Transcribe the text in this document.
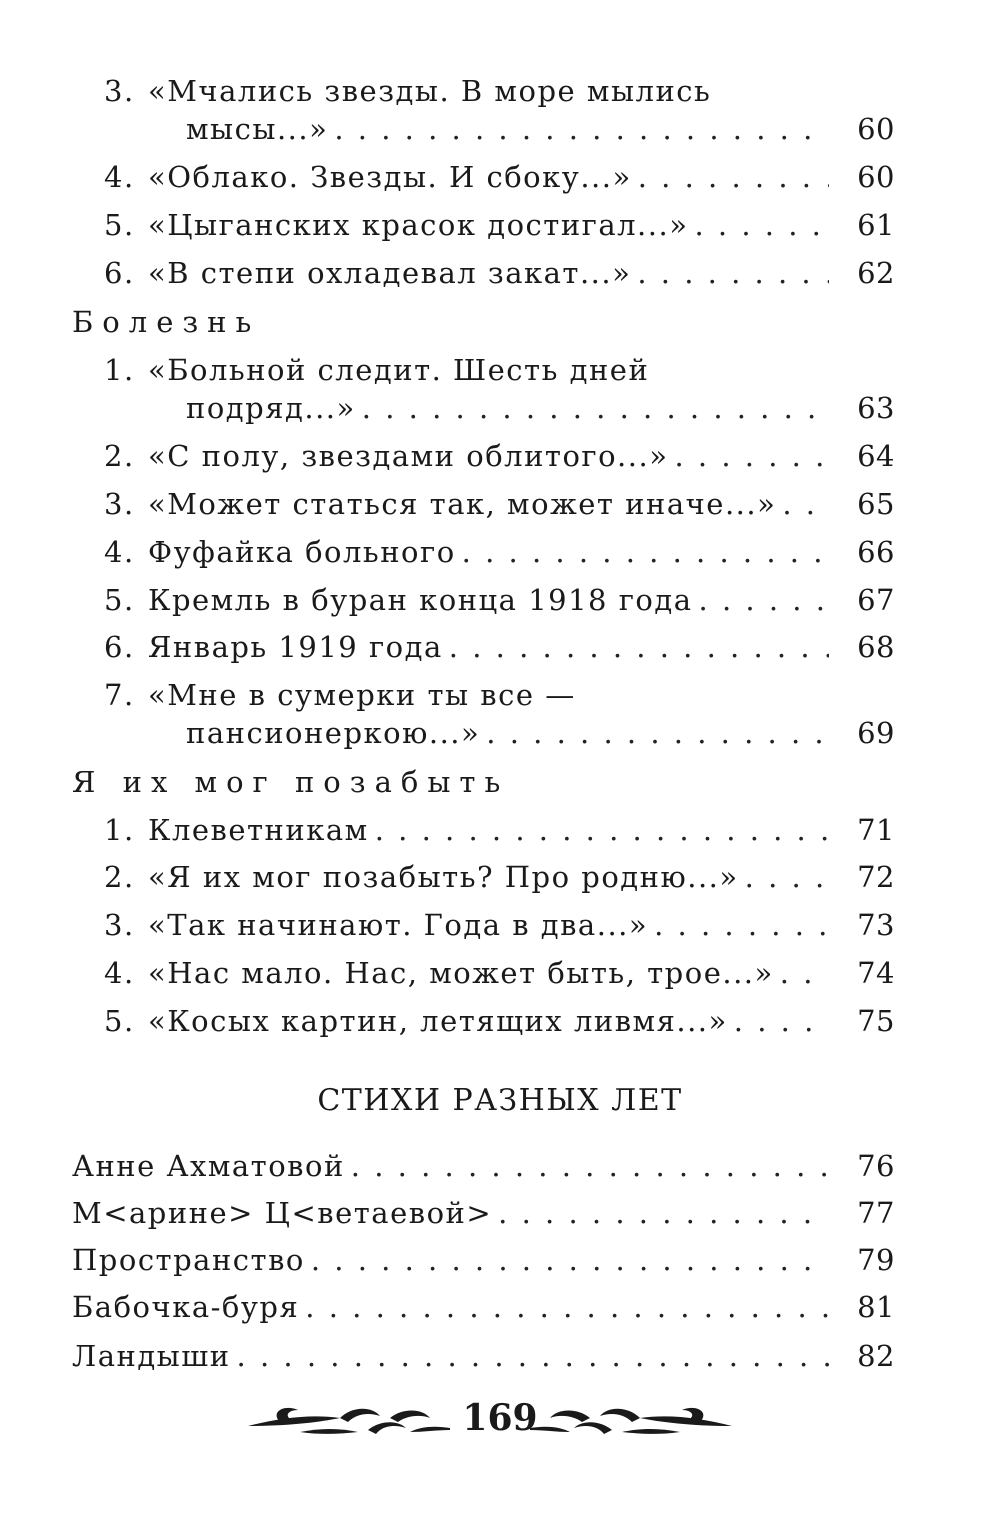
3. «Мчались звезды. В море мылись
мысы...» . . .	60
4. «Облако. Звезды. И сбоку...» . . .	60
5. «Цыганских красок достигал...» . . .	61
6. «В степи охладевал закат...» . . .	62
Болезнь
1. «Больной следит. Шесть дней
подряд...» . . .	63
2. «С полу, звездами облитого...» . . .	64
3. «Может статься так, может иначе...» . . .	65
4. Фуфайка больного . . .	66
5. Кремль в буран конца 1918 года . . .	67
6. Январь 1919 года . . .	68
7. «Мне в сумерки ты все —
пансионеркою...» . . .	69
Я их мог позабыть
1. Клеветникам . . .	71
2. «Я их мог позабыть? Про родню...» . . .	72
3. «Так начинают. Года в два...» . . .	73
4. «Нас мало. Нас, может быть, трое...» . . .	74
5. «Косых картин, летящих ливмя...» . . .	75
СТИХИ РАЗНЫХ ЛЕТ
Анне Ахматовой . . .	76
М<арине> Ц<ветаевой> . . .	77
Пространство . . .	79
Бабочка-буря . . .	81
Ландыши . . .	82
169
